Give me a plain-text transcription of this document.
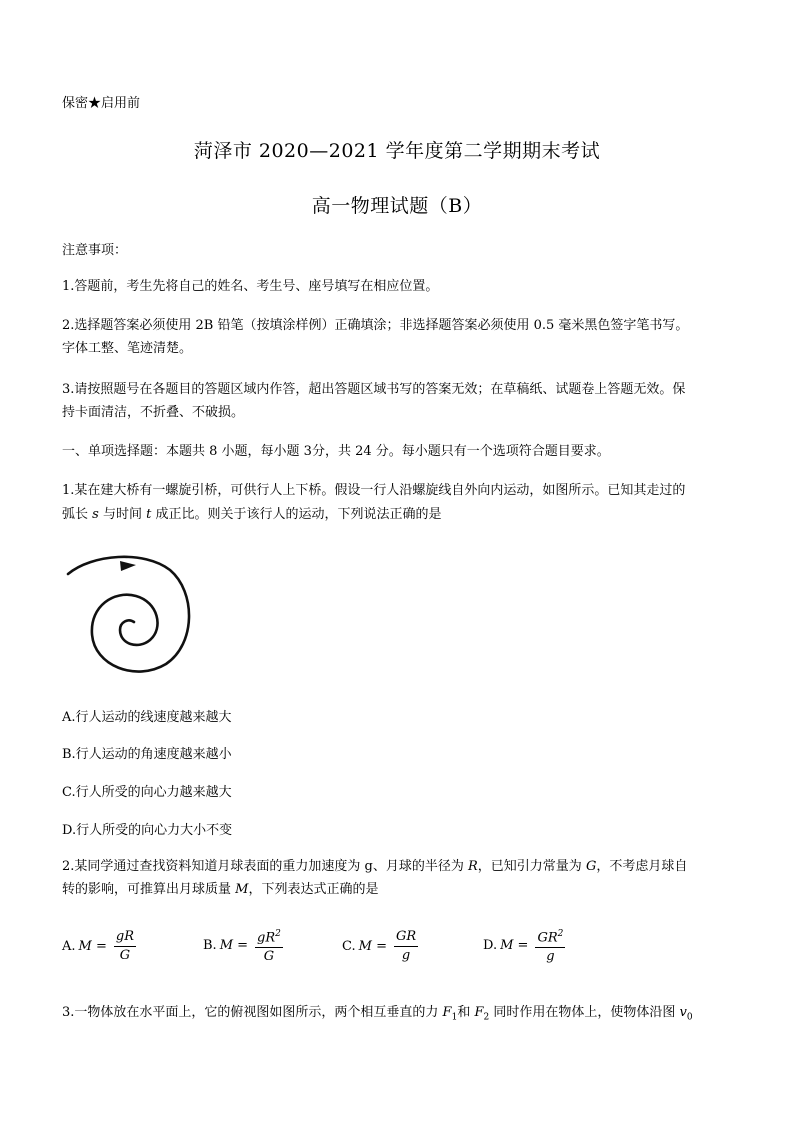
保密★启用前
菏泽市 2020—2021 学年度第二学期期末考试
高一物理试题（B）
注意事项：
1.答题前，考生先将自己的姓名、考生号、座号填写在相应位置。
2.选择题答案必须使用 2B 铅笔（按填涂样例）正确填涂；非选择题答案必须使用 0.5 毫米黑色签字笔书写。
字体工整、笔迹清楚。
3.请按照题号在各题目的答题区域内作答，超出答题区域书写的答案无效；在草稿纸、试题卷上答题无效。保
持卡面清洁，不折叠、不破损。
一、单项选择题：本题共 8 小题，每小题 3分，共 24 分。每小题只有一个选项符合题目要求。
1.某在建大桥有一螺旋引桥，可供行人上下桥。假设一行人沿螺旋线自外向内运动，如图所示。已知其走过的
弧长 s 与时间 t 成正比。则关于该行人的运动，下列说法正确的是
A.行人运动的线速度越来越大
B.行人运动的角速度越来越小
C.行人所受的向心力越来越大
D.行人所受的向心力大小不变
2.某同学通过查找资料知道月球表面的重力加速度为 g、月球的半径为 R，已知引力常量为 G，不考虑月球自
转的影响，可推算出月球质量 M，下列表达式正确的是
A. $M = \frac{gR}{G}$	B. $M = \frac{gR^2}{G}$	C. $M = \frac{GR}{g}$	D. $M = \frac{GR^2}{g}$
3.一物体放在水平面上，它的俯视图如图所示，两个相互垂直的力 $F_1$和 $F_2$ 同时作用在物体上，使物体沿图 $v_0$
